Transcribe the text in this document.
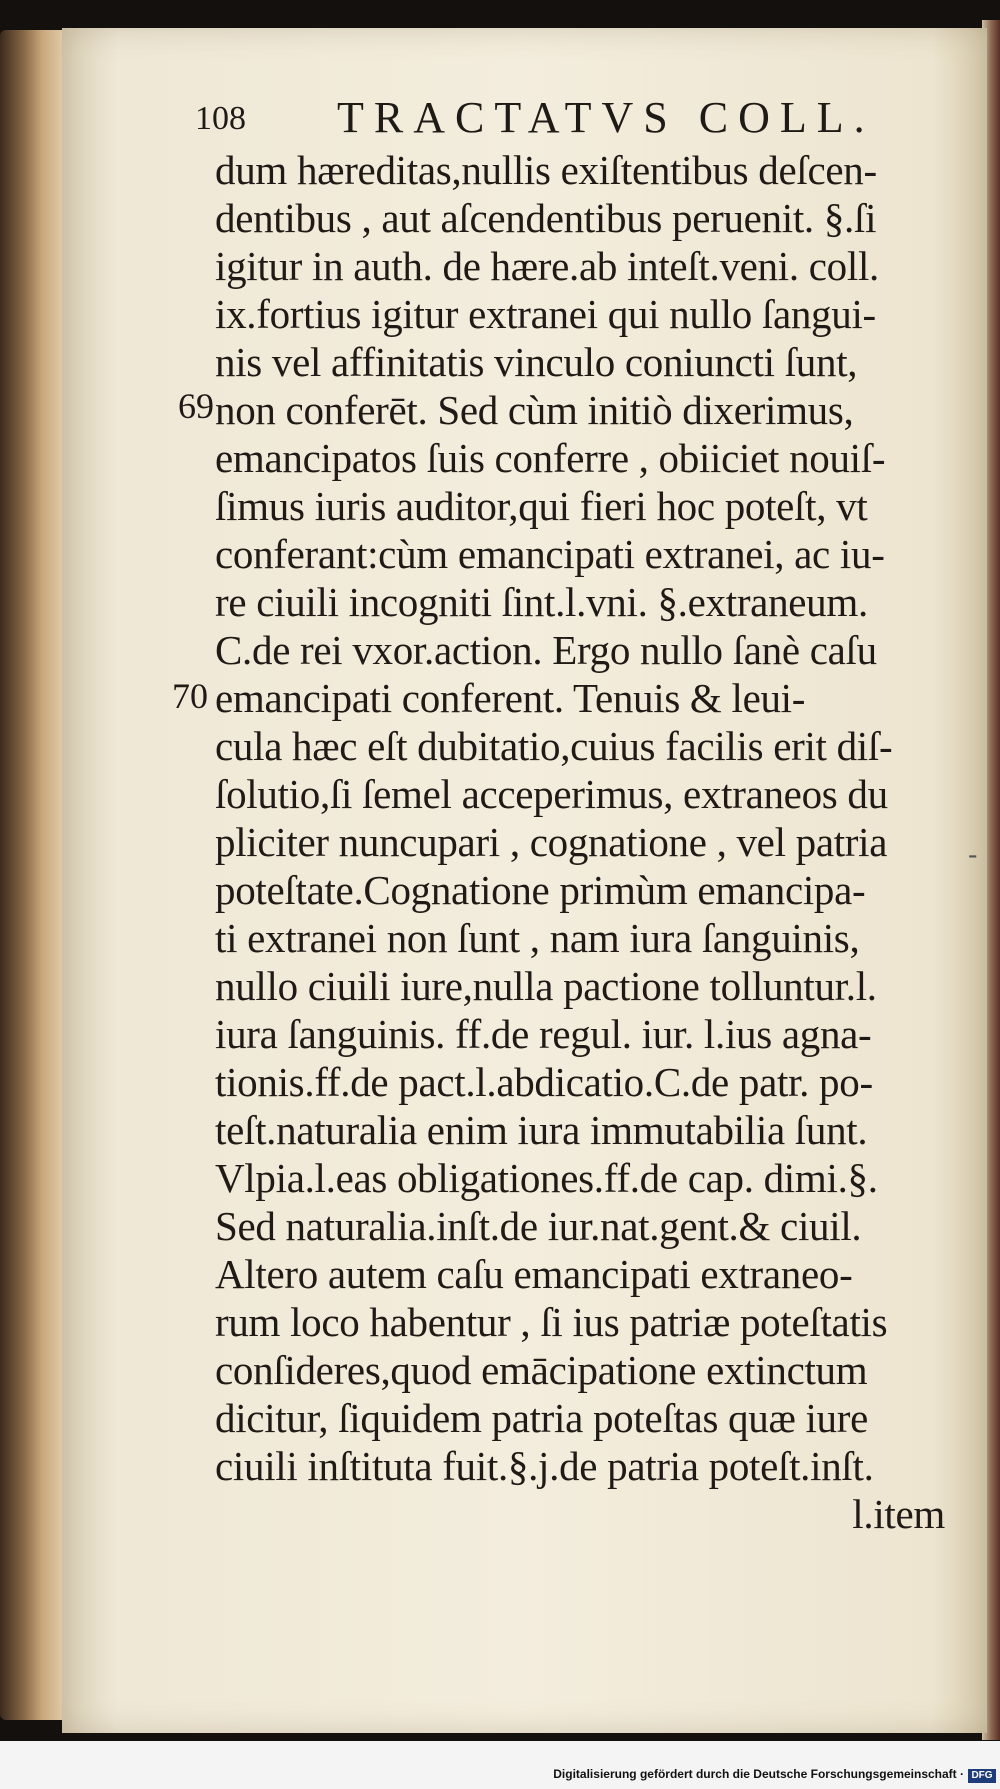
108 TRACTATVS COLL.
69
70
-
dum hæreditas,nullis exiſtentibus deſcen-
dentibus , aut aſcendentibus peruenit. §.ſi
igitur in auth. de hære.ab inteſt.veni. coll.
ix.fortius igitur extranei qui nullo ſangui-
nis vel affinitatis vinculo coniuncti ſunt,
non conferēt. Sed cùm initiò dixerimus,
emancipatos ſuis conferre , obiiciet nouiſ-
ſimus iuris auditor,qui fieri hoc poteſt, vt
conferant:cùm emancipati extranei, ac iu-
re ciuili incogniti ſint.l.vni. §.extraneum.
C.de rei vxor.action. Ergo nullo ſanè caſu
emancipati conferent. Tenuis & leui-
cula hæc eſt dubitatio,cuius facilis erit diſ-
ſolutio,ſi ſemel acceperimus, extraneos du
pliciter nuncupari , cognatione , vel patria
poteſtate.Cognatione primùm emancipa-
ti extranei non ſunt , nam iura ſanguinis,
nullo ciuili iure,nulla pactione tolluntur.l.
iura ſanguinis. ff.de regul. iur. l.ius agna-
tionis.ff.de pact.l.abdicatio.C.de patr. po-
teſt.naturalia enim iura immutabilia ſunt.
Vlpia.l.eas obligationes.ff.de cap. dimi.§.
Sed naturalia.inſt.de iur.nat.gent.& ciuil.
Altero autem caſu emancipati extraneo-
rum loco habentur , ſi ius patriæ poteſtatis
conſideres,quod emācipatione extinctum
dicitur, ſiquidem patria poteſtas quæ iure
ciuili inſtituta fuit.§.j.de patria poteſt.inſt.
l.item
Digitalisierung gefördert durch die Deutsche Forschungsgemeinschaft · DFG
